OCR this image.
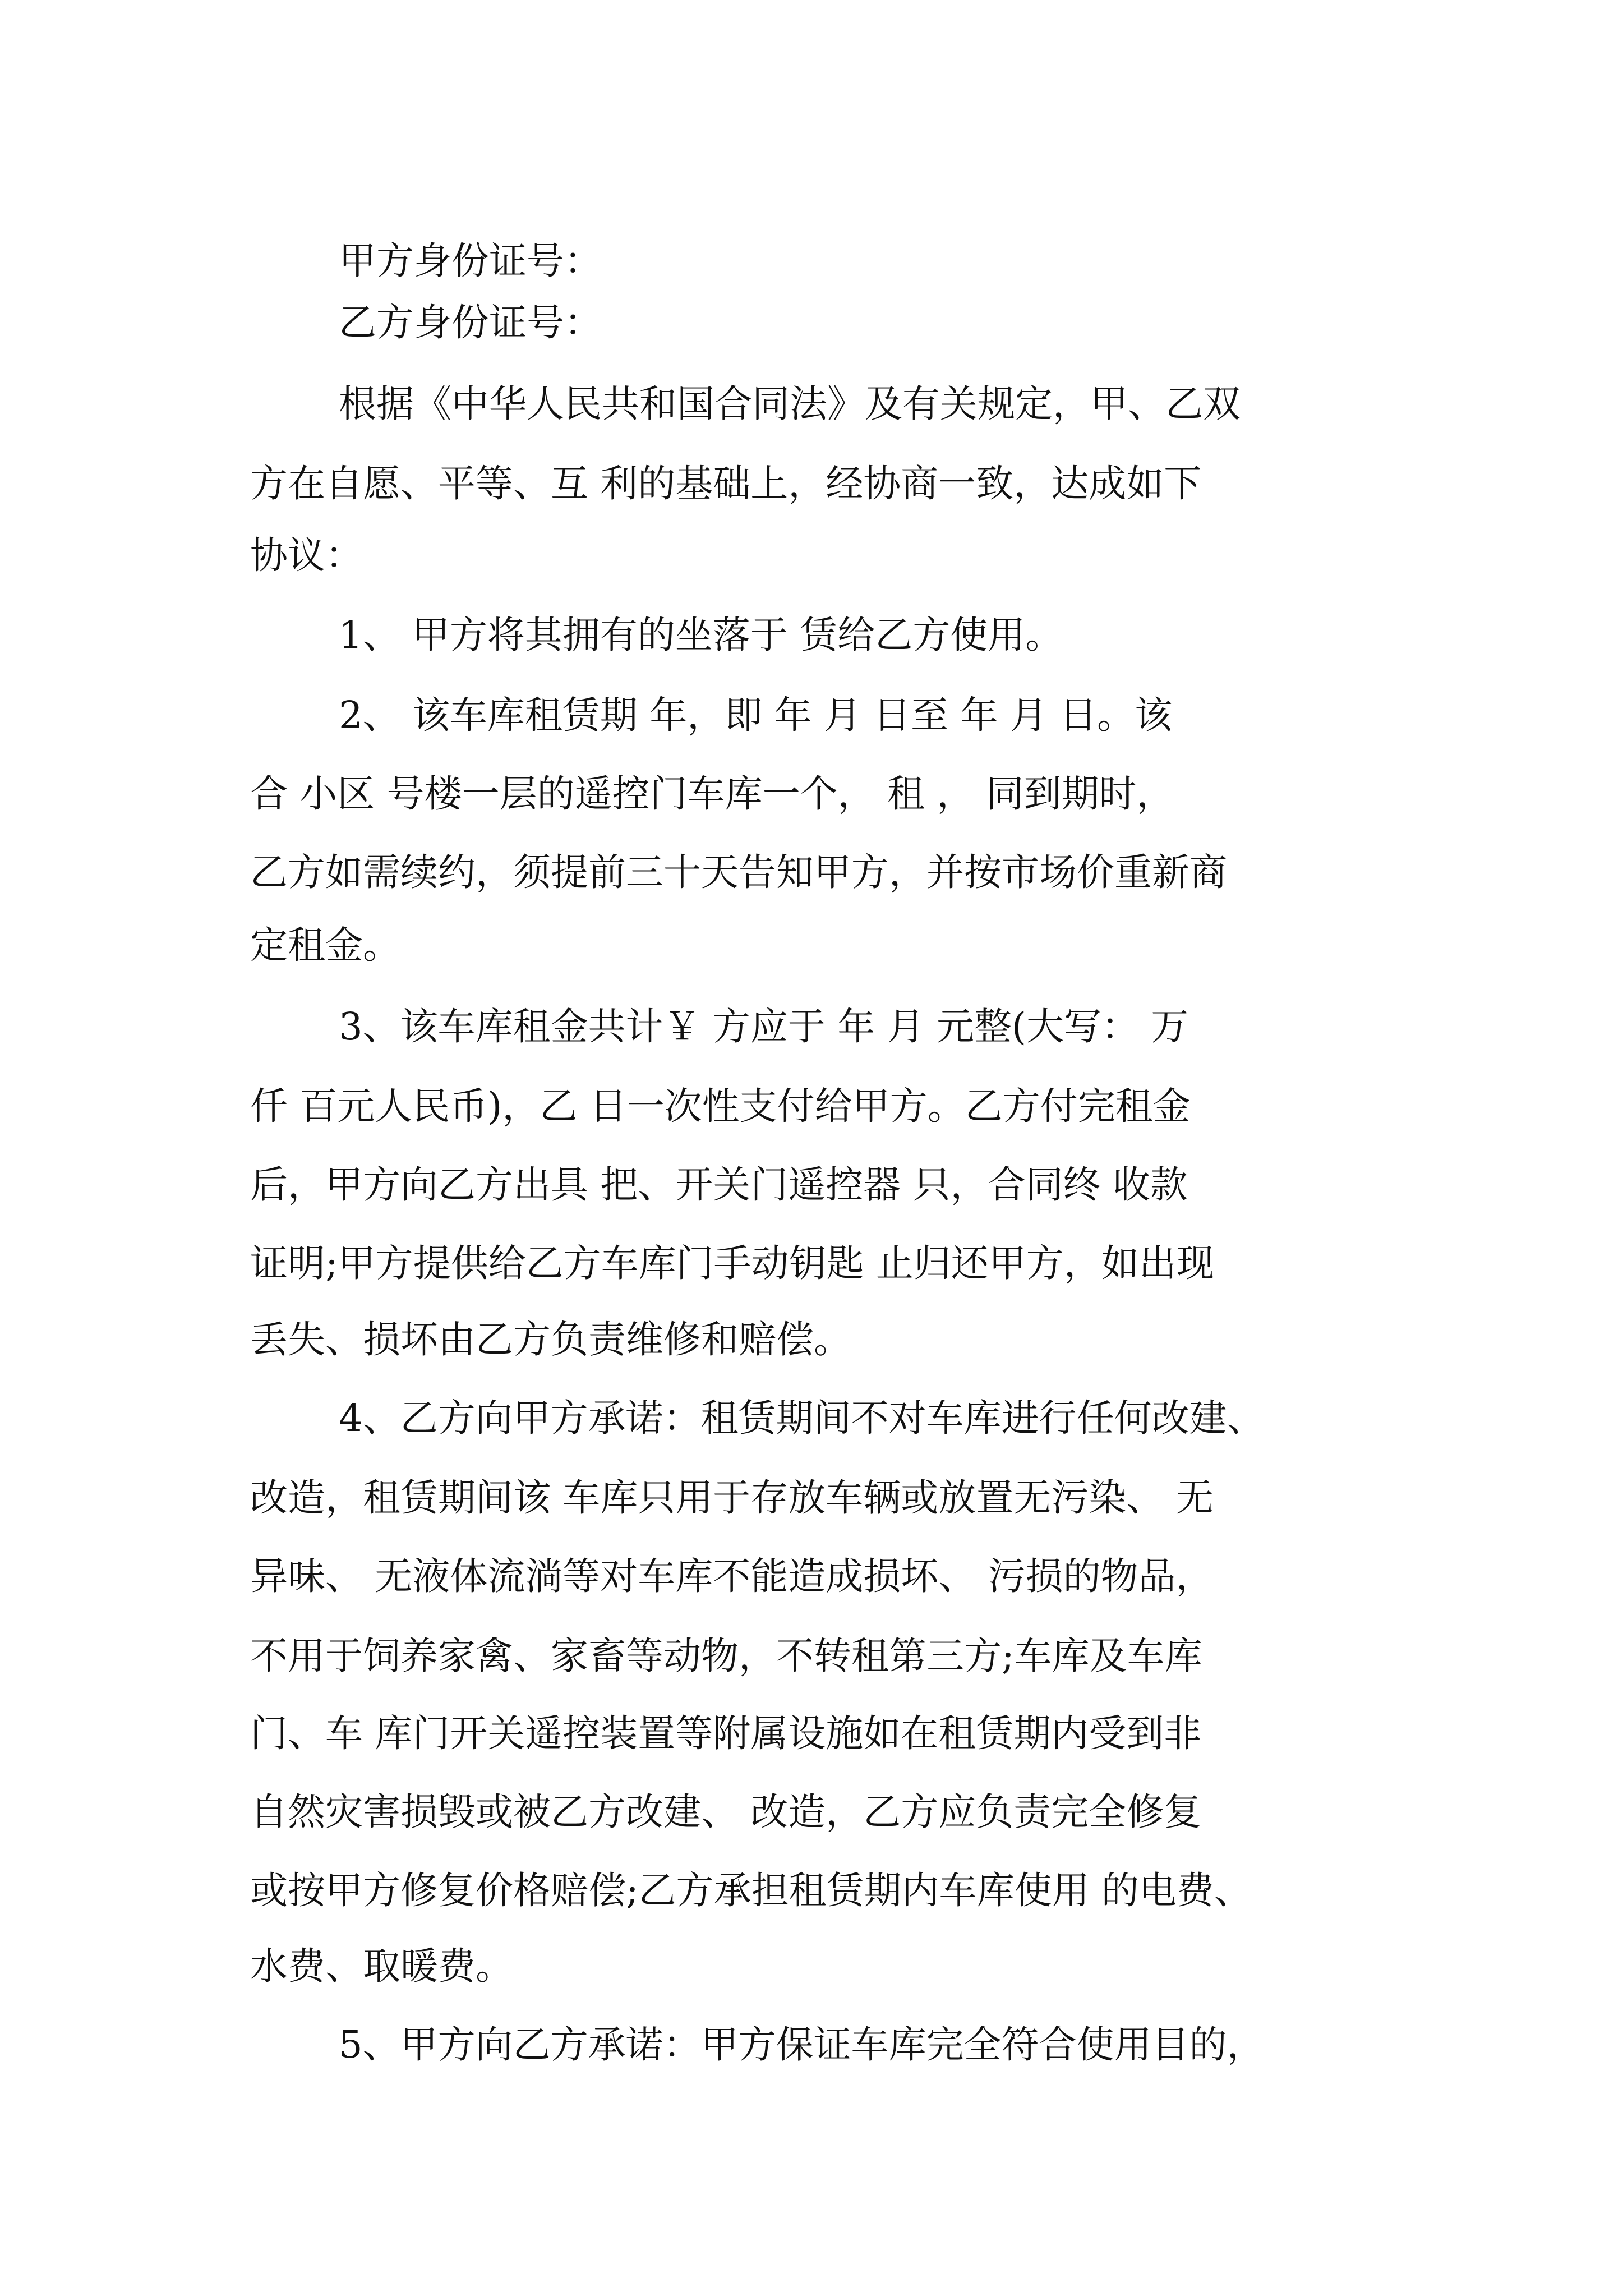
甲方身份证号：

乙方身份证号：

根据《中华人民共和国合同法》及有关规定，甲、乙双

方在自愿、平等、互 利的基础上，经协商一致，达成如下

协议：

1、 甲方将其拥有的坐落于 赁给乙方使用。

2、 该车库租赁期 年，即 年 月 日至 年 月 日。该

合 小区 号楼一层的遥控门车库一个， 租 ， 同到期时，

乙方如需续约，须提前三十天告知甲方，并按市场价重新商

定租金。

3、该车库租金共计￥ 方应于 年 月 元整(大写： 万

仟 百元人民币)，乙 日一次性支付给甲方。乙方付完租金

后，甲方向乙方出具 把、开关门遥控器 只，合同终 收款

证明;甲方提供给乙方车库门手动钥匙 止归还甲方，如出现

丢失、损坏由乙方负责维修和赔偿。

4、乙方向甲方承诺：租赁期间不对车库进行任何改建、

改造，租赁期间该 车库只用于存放车辆或放置无污染、 无

异味、 无液体流淌等对车库不能造成损坏、 污损的物品，

不用于饲养家禽、家畜等动物，不转租第三方;车库及车库

门、车 库门开关遥控装置等附属设施如在租赁期内受到非

自然灾害损毁或被乙方改建、 改造，乙方应负责完全修复

或按甲方修复价格赔偿;乙方承担租赁期内车库使用 的电费、

水费、取暖费。

5、甲方向乙方承诺：甲方保证车库完全符合使用目的，
